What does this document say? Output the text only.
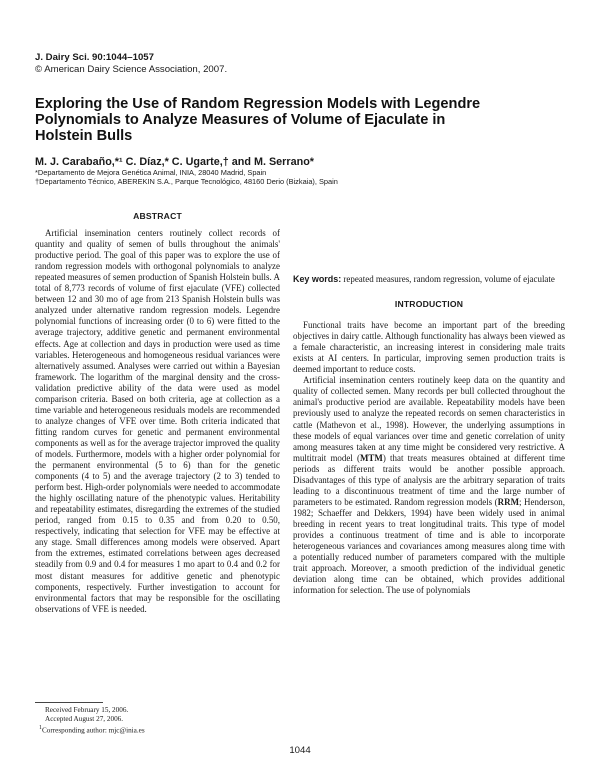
J. Dairy Sci. 90:1044–1057
© American Dairy Science Association, 2007.
Exploring the Use of Random Regression Models with Legendre Polynomials to Analyze Measures of Volume of Ejaculate in Holstein Bulls
M. J. Carabaño,*¹ C. Díaz,* C. Ugarte,† and M. Serrano*
*Departamento de Mejora Genética Animal, INIA, 28040 Madrid, Spain
†Departamento Técnico, ABEREKIN S.A., Parque Tecnológico, 48160 Derio (Bizkaia), Spain

ABSTRACT

Artificial insemination centers routinely collect records of quantity and quality of semen of bulls throughout the animals' productive period. The goal of this paper was to explore the use of random regression models with orthogonal polynomials to analyze repeated measures of semen production of Spanish Holstein bulls. A total of 8,773 records of volume of first ejaculate (VFE) collected between 12 and 30 mo of age from 213 Spanish Holstein bulls was analyzed under alternative random regression models. Legendre polynomial functions of increasing order (0 to 6) were fitted to the average trajectory, additive genetic and permanent environmental effects. Age at collection and days in production were used as time variables. Heterogeneous and homogeneous residual variances were alternatively assumed. Analyses were carried out within a Bayesian framework. The logarithm of the marginal density and the cross-validation predictive ability of the data were used as model comparison criteria. Based on both criteria, age at collection as a time variable and heterogeneous residuals models are recommended to analyze changes of VFE over time. Both criteria indicated that fitting random curves for genetic and permanent environmental components as well as for the average trajector improved the quality of models. Furthermore, models with a higher order polynomial for the permanent environmental (5 to 6) than for the genetic components (4 to 5) and the average trajectory (2 to 3) tended to perform best. High-order polynomials were needed to accommodate the highly oscillating nature of the phenotypic values. Heritability and repeatability estimates, disregarding the extremes of the studied period, ranged from 0.15 to 0.35 and from 0.20 to 0.50, respectively, indicating that selection for VFE may be effective at any stage. Small differences among models were observed. Apart from the extremes, estimated correlations between ages decreased steadily from 0.9 and 0.4 for measures 1 mo apart to 0.4 and 0.2 for most distant measures for additive genetic and phenotypic components, respectively. Further investigation to account for environmental factors that may be responsible for the oscillating observations of VFE is needed.

Key words: repeated measures, random regression, volume of ejaculate

INTRODUCTION

Functional traits have become an important part of the breeding objectives in dairy cattle. Although functionality has always been viewed as a female characteristic, an increasing interest in considering male traits exists at AI centers. In particular, improving semen production traits is deemed important to reduce costs.

Artificial insemination centers routinely keep data on the quantity and quality of collected semen. Many records per bull collected throughout the animal's productive period are available. Repeatability models have been previously used to analyze the repeated records on semen characteristics in cattle (Mathevon et al., 1998). However, the underlying assumptions in these models of equal variances over time and genetic correlation of unity among measures taken at any time might be considered very restrictive. A multitrait model (MTM) that treats measures obtained at different time periods as different traits would be another possible approach. Disadvantages of this type of analysis are the arbitrary separation of traits leading to a discontinuous treatment of time and the large number of parameters to be estimated. Random regression models (RRM; Henderson, 1982; Schaeffer and Dekkers, 1994) have been widely used in animal breeding in recent years to treat longitudinal traits. This type of model provides a continuous treatment of time and is able to incorporate heterogeneous variances and covariances among measures along time with a potentially reduced number of parameters compared with the multiple trait approach. Moreover, a smooth prediction of the individual genetic deviation along time can be obtained, which provides additional information for selection. The use of polynomials

Received February 15, 2006.
Accepted August 27, 2006.
$^1$Corresponding author: mjc@inia.es
1044
